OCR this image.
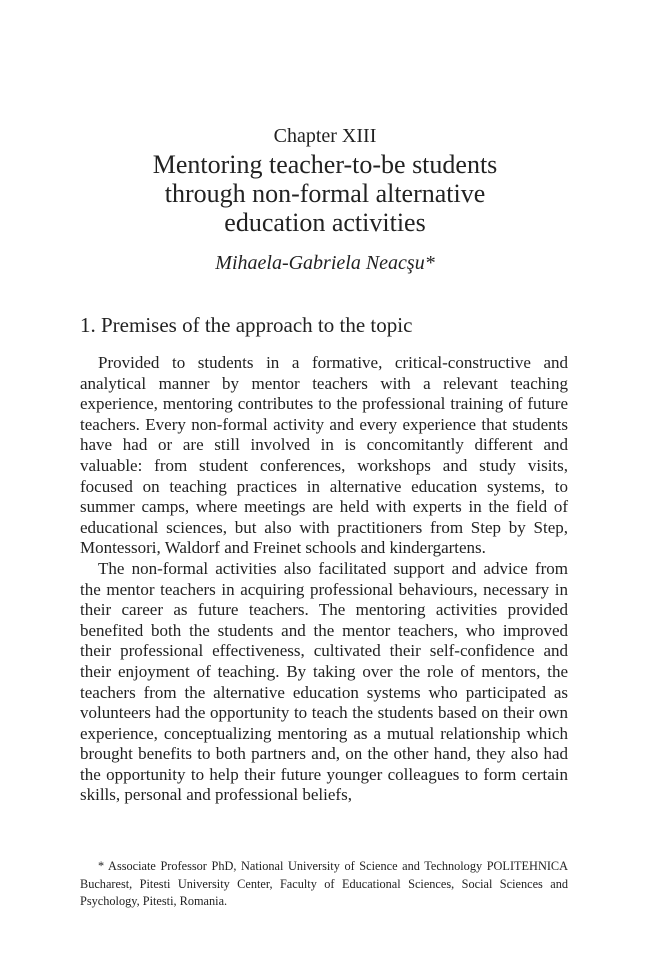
Chapter XIII
Mentoring teacher-to-be students
through non-formal alternative
education activities
Mihaela-Gabriela Neacşu*
1. Premises of the approach to the topic

Provided to students in a formative, critical-constructive and analytical manner by mentor teachers with a relevant teaching experience, mentoring contributes to the professional training of future teachers. Every non-formal activity and every experience that students have had or are still involved in is concomitantly different and valuable: from student conferences, workshops and study visits, focused on teaching practices in alternative education systems, to summer camps, where meetings are held with experts in the field of educational sciences, but also with practitioners from Step by Step, Montessori, Waldorf and Freinet schools and kindergartens.

The non-formal activities also facilitated support and advice from the mentor teachers in acquiring professional behaviours, necessary in their career as future teachers. The mentoring activities provided benefited both the students and the mentor teachers, who improved their professional effectiveness, cultivated their self-confidence and their enjoyment of teaching. By taking over the role of mentors, the teachers from the alternative education systems who participated as volunteers had the opportunity to teach the students based on their own experience, conceptualizing mentoring as a mutual relationship which brought benefits to both partners and, on the other hand, they also had the opportunity to help their future younger colleagues to form certain skills, personal and professional beliefs,

* Associate Professor PhD, National University of Science and Technology POLITEHNICA Bucharest, Pitesti University Center, Faculty of Educational Sciences, Social Sciences and Psychology, Pitesti, Romania.
